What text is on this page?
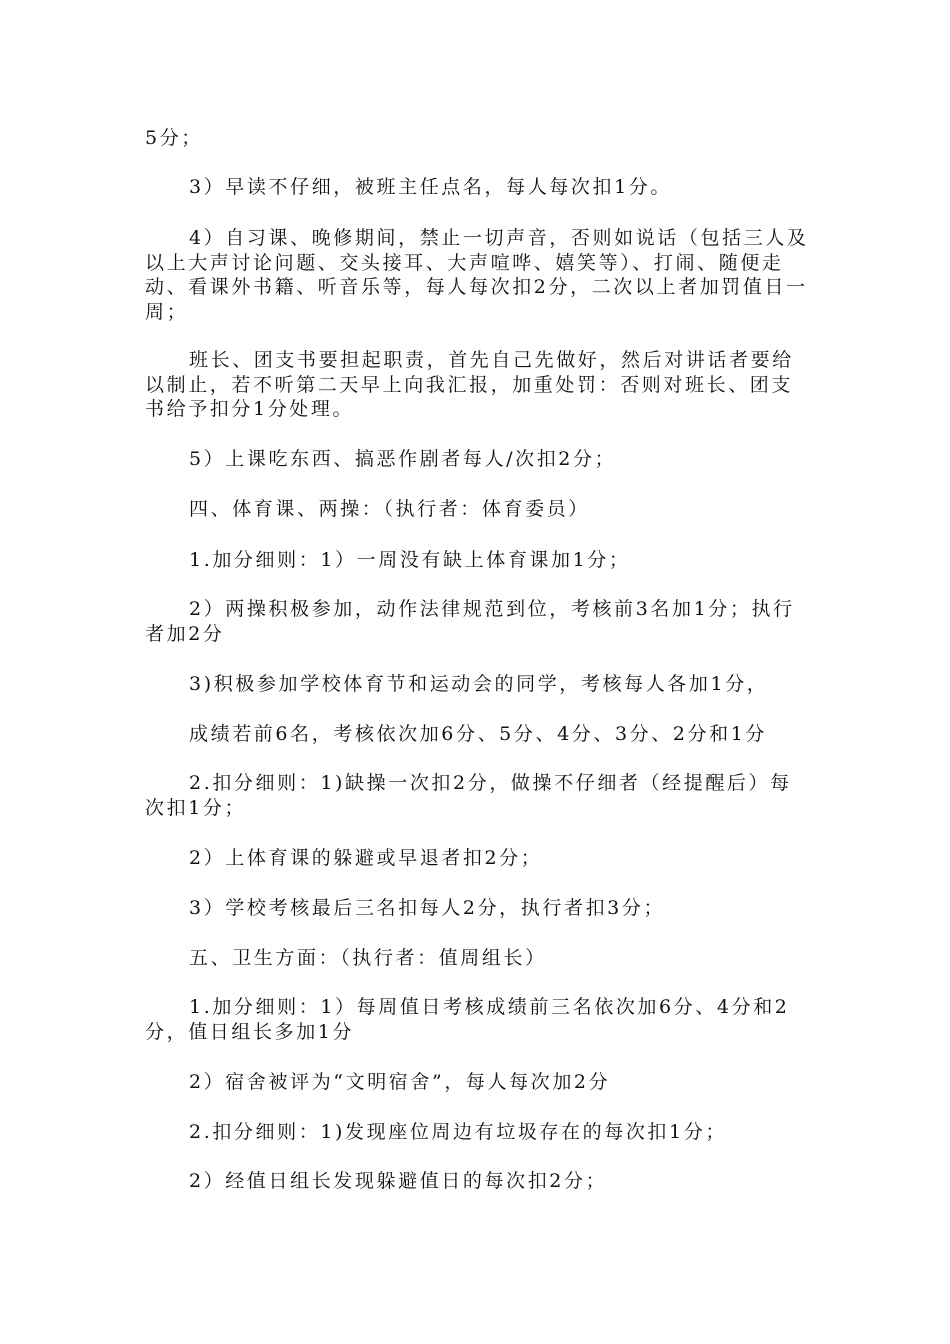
5分；

3）早读不仔细，被班主任点名，每人每次扣1分。

4）自习课、晚修期间，禁止一切声音，否则如说话（包括三人及以上大声讨论问题、交头接耳、大声喧哗、嬉笑等）、打闹、随便走动、看课外书籍、听音乐等，每人每次扣2分，二次以上者加罚值日一周；

班长、团支书要担起职责，首先自己先做好，然后对讲话者要给以制止，若不听第二天早上向我汇报，加重处罚：否则对班长、团支书给予扣分1分处理。

5）上课吃东西、搞恶作剧者每人/次扣2分；

四、体育课、两操：（执行者：体育委员）

1.加分细则：1）一周没有缺上体育课加1分；

2）两操积极参加，动作法律规范到位，考核前3名加1分；执行者加2分

3)积极参加学校体育节和运动会的同学，考核每人各加1分，

成绩若前6名，考核依次加6分、5分、4分、3分、2分和1分

2.扣分细则：1)缺操一次扣2分，做操不仔细者（经提醒后）每次扣1分；

2）上体育课的躲避或早退者扣2分；

3）学校考核最后三名扣每人2分，执行者扣3分；

五、卫生方面：（执行者：值周组长）

1.加分细则：1）每周值日考核成绩前三名依次加6分、4分和2分，值日组长多加1分

2）宿舍被评为“文明宿舍”，每人每次加2分

2.扣分细则：1)发现座位周边有垃圾存在的每次扣1分；

2）经值日组长发现躲避值日的每次扣2分；
